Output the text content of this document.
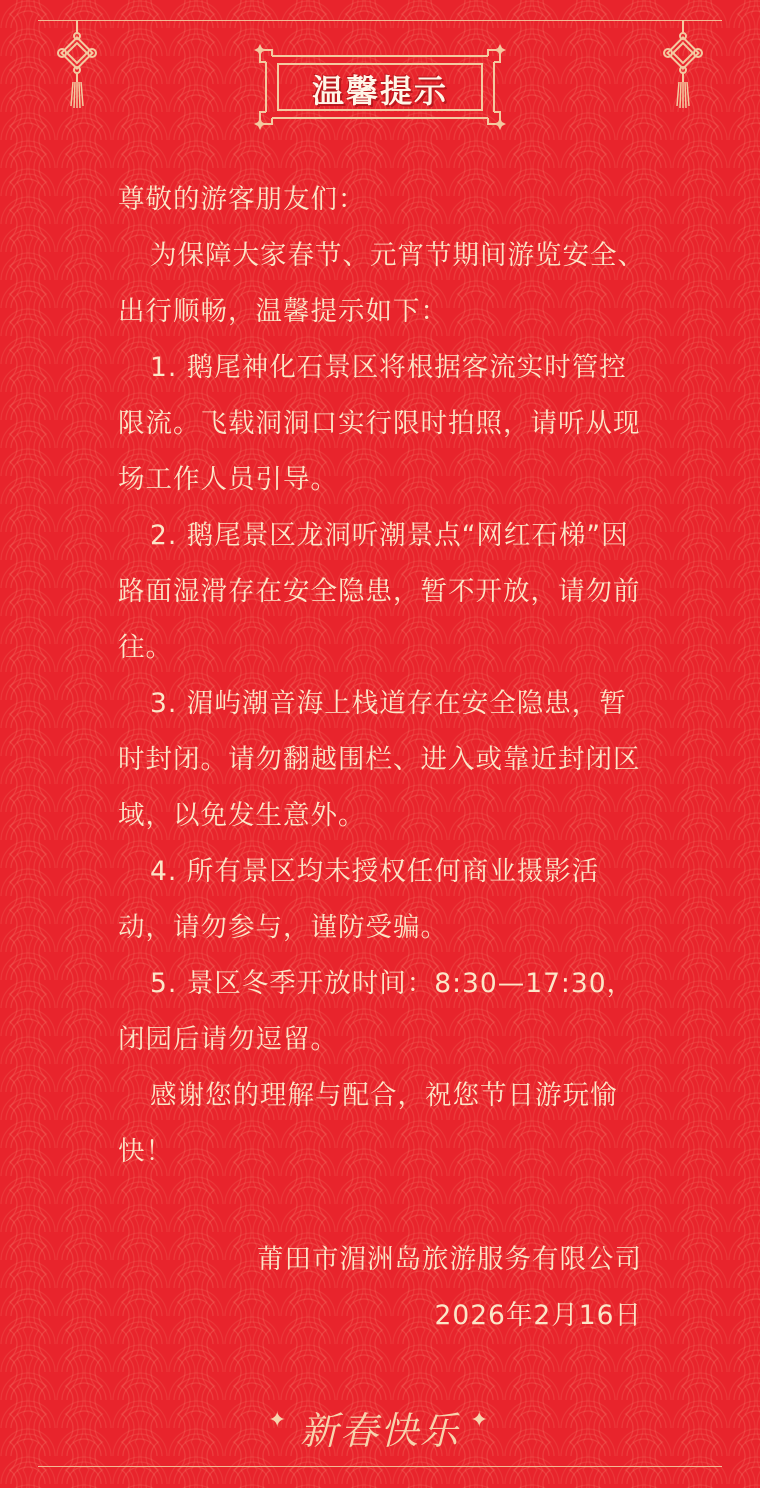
温馨提示

尊敬的游客朋友们：

为保障大家春节、元宵节期间游览安全、出行顺畅，温馨提示如下：

1. 鹅尾神化石景区将根据客流实时管控限流。飞载洞洞口实行限时拍照，请听从现场工作人员引导。

2. 鹅尾景区龙洞听潮景点“网红石梯”因路面湿滑存在安全隐患，暂不开放，请勿前往。

3. 湄屿潮音海上栈道存在安全隐患，暂时封闭。请勿翻越围栏、进入或靠近封闭区域，以免发生意外。

4. 所有景区均未授权任何商业摄影活动，请勿参与，谨防受骗。

5. 景区冬季开放时间：8:30—17:30，闭园后请勿逗留。

感谢您的理解与配合，祝您节日游玩愉快！

莆田市湄洲岛旅游服务有限公司
2026年2月16日
✦ 新春快乐 ✦
